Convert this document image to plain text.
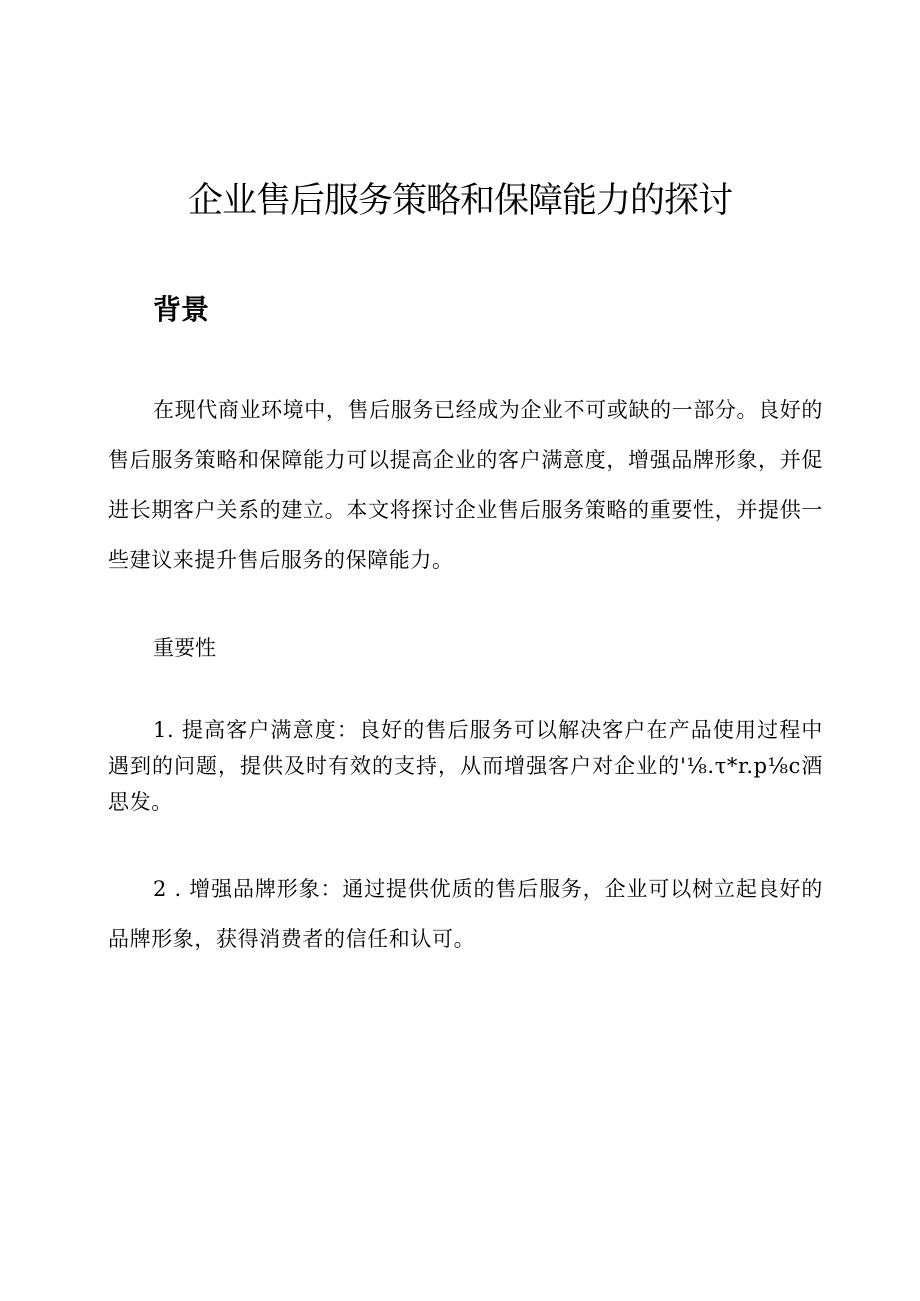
企业售后服务策略和保障能力的探讨
背景

在现代商业环境中，售后服务已经成为企业不可或缺的一部分。良好的售后服务策略和保障能力可以提高企业的客户满意度，增强品牌形象，并促进长期客户关系的建立。本文将探讨企业售后服务策略的重要性，并提供一些建议来提升售后服务的保障能力。

重要性

1. 提高客户满意度：良好的售后服务可以解决客户在产品使用过程中遇到的问题，提供及时有效的支持，从而增强客户对企业的'⅛.τ*r.p⅛c酒思发。

2 . 增强品牌形象：通过提供优质的售后服务，企业可以树立起良好的品牌形象，获得消费者的信任和认可。
